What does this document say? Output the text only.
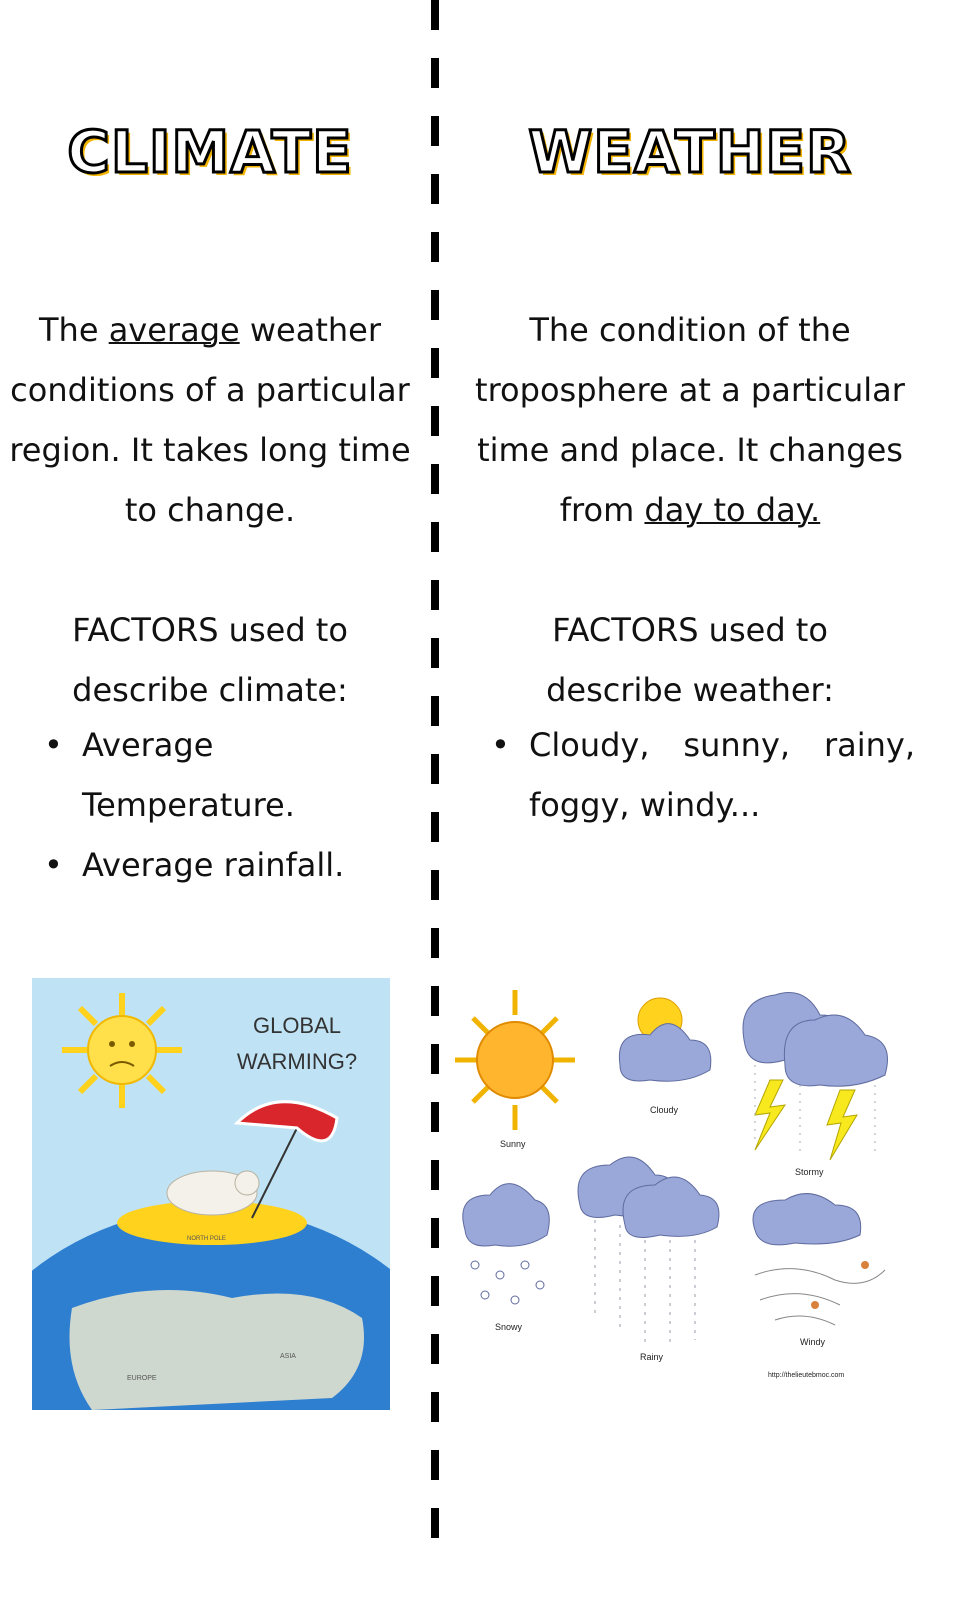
CLIMATE
The average weather conditions of a particular region. It takes long time to change.
FACTORS used to describe climate:
• Average Temperature.
• Average rainfall.
NORTH POLE
EUROPE
ASIA
GLOBAL
WARMING?
WEATHER
The condition of the troposphere at a particular time and place. It changes from day to day.
FACTORS used to describe weather:
• Cloudy, sunny, rainy, foggy, windy...
Sunny
Cloudy
Stormy
Snowy
Rainy
Windy
http://thelieutebmoc.com
